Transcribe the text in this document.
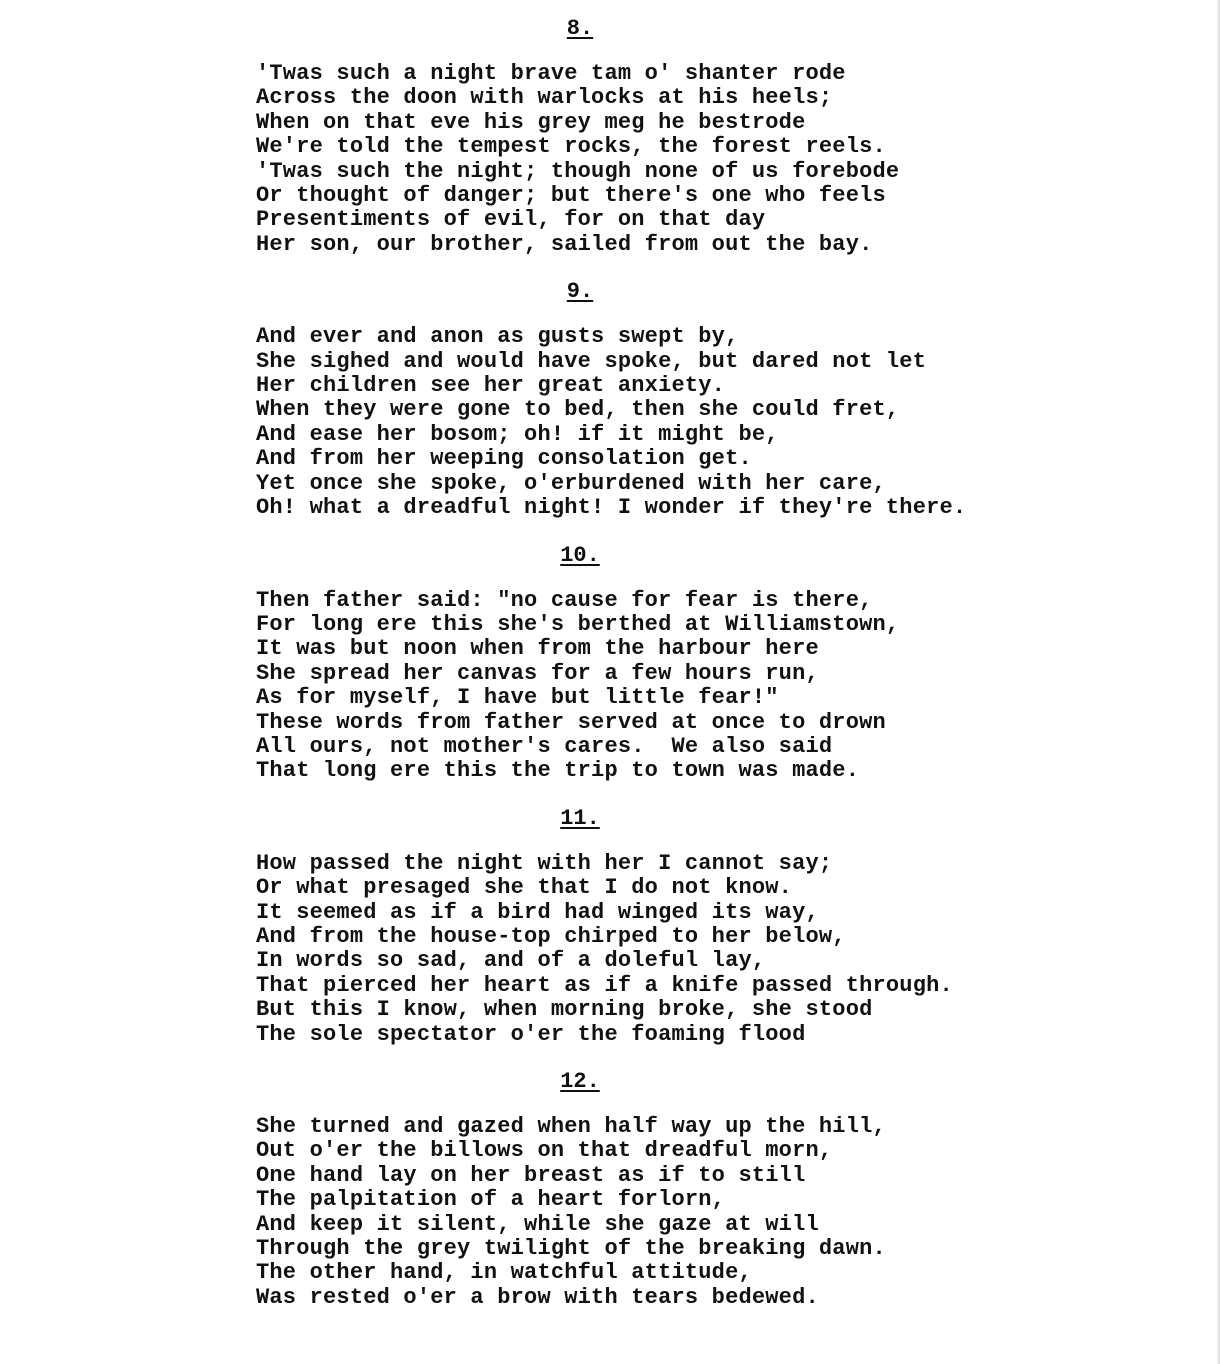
8.
'Twas such a night brave tam o' shanter rode
Across the doon with warlocks at his heels;
When on that eve his grey meg he bestrode
We're told the tempest rocks, the forest reels.
'Twas such the night; though none of us forebode
Or thought of danger; but there's one who feels
Presentiments of evil, for on that day
Her son, our brother, sailed from out the bay.
9.
And ever and anon as gusts swept by,
She sighed and would have spoke, but dared not let
Her children see her great anxiety.
When they were gone to bed, then she could fret,
And ease her bosom; oh! if it might be,
And from her weeping consolation get.
Yet once she spoke, o'erburdened with her care,
Oh! what a dreadful night! I wonder if they're there.
10.
Then father said: "no cause for fear is there,
For long ere this she's berthed at Williamstown,
It was but noon when from the harbour here
She spread her canvas for a few hours run,
As for myself, I have but little fear!"
These words from father served at once to drown
All ours, not mother's cares.  We also said
That long ere this the trip to town was made.
11.
How passed the night with her I cannot say;
Or what presaged she that I do not know.
It seemed as if a bird had winged its way,
And from the house-top chirped to her below,
In words so sad, and of a doleful lay,
That pierced her heart as if a knife passed through.
But this I know, when morning broke, she stood
The sole spectator o'er the foaming flood
12.
She turned and gazed when half way up the hill,
Out o'er the billows on that dreadful morn,
One hand lay on her breast as if to still
The palpitation of a heart forlorn,
And keep it silent, while she gaze at will
Through the grey twilight of the breaking dawn.
The other hand, in watchful attitude,
Was rested o'er a brow with tears bedewed.
